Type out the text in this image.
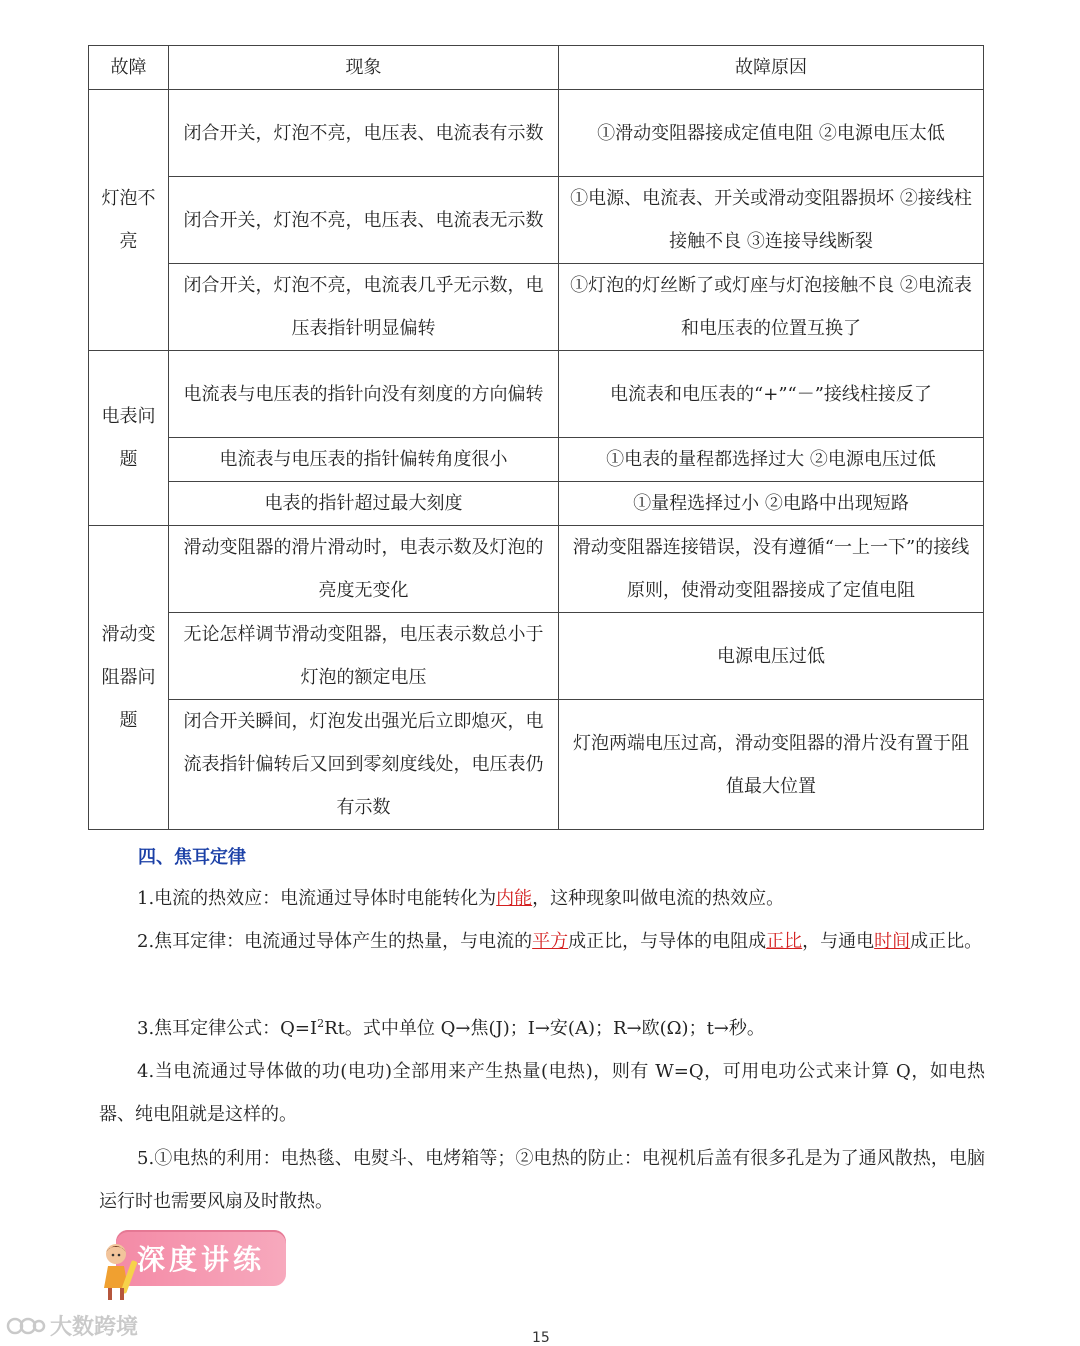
故障	现象	故障原因
灯泡不亮	闭合开关，灯泡不亮，电压表、电流表有示数	①滑动变阻器接成定值电阻 ②电源电压太低
	闭合开关，灯泡不亮，电压表、电流表无示数	①电源、电流表、开关或滑动变阻器损坏 ②接线柱接触不良 ③连接导线断裂
	闭合开关，灯泡不亮，电流表几乎无示数，电压表指针明显偏转	①灯泡的灯丝断了或灯座与灯泡接触不良 ②电流表和电压表的位置互换了
电表问题	电流表与电压表的指针向没有刻度的方向偏转	电流表和电压表的“+”“－”接线柱接反了
	电流表与电压表的指针偏转角度很小	①电表的量程都选择过大 ②电源电压过低
	电表的指针超过最大刻度	①量程选择过小 ②电路中出现短路
滑动变阻器问题	滑动变阻器的滑片滑动时，电表示数及灯泡的亮度无变化	滑动变阻器连接错误，没有遵循“一上一下”的接线原则，使滑动变阻器接成了定值电阻
	无论怎样调节滑动变阻器，电压表示数总小于灯泡的额定电压	电源电压过低
	闭合开关瞬间，灯泡发出强光后立即熄灭，电流表指针偏转后又回到零刻度线处，电压表仍有示数	灯泡两端电压过高，滑动变阻器的滑片没有置于阻值最大位置
四、焦耳定律
1.电流的热效应：电流通过导体时电能转化为内能，这种现象叫做电流的热效应。
2.焦耳定律：电流通过导体产生的热量，与电流的平方成正比，与导体的电阻成正比，与通电时间成正比。
3.焦耳定律公式：$Q=I^2Rt$。式中单位 Q→焦(J)；I→安(A)；R→欧(Ω)；t→秒。
4.当电流通过导体做的功(电功)全部用来产生热量(电热)，则有 W=Q，可用电功公式来计算 Q，如电热器、纯电阻就是这样的。
5.①电热的利用：电热毯、电熨斗、电烤箱等；②电热的防止：电视机后盖有很多孔是为了通风散热，电脑运行时也需要风扇及时散热。
深度讲练
大数跨境	15
